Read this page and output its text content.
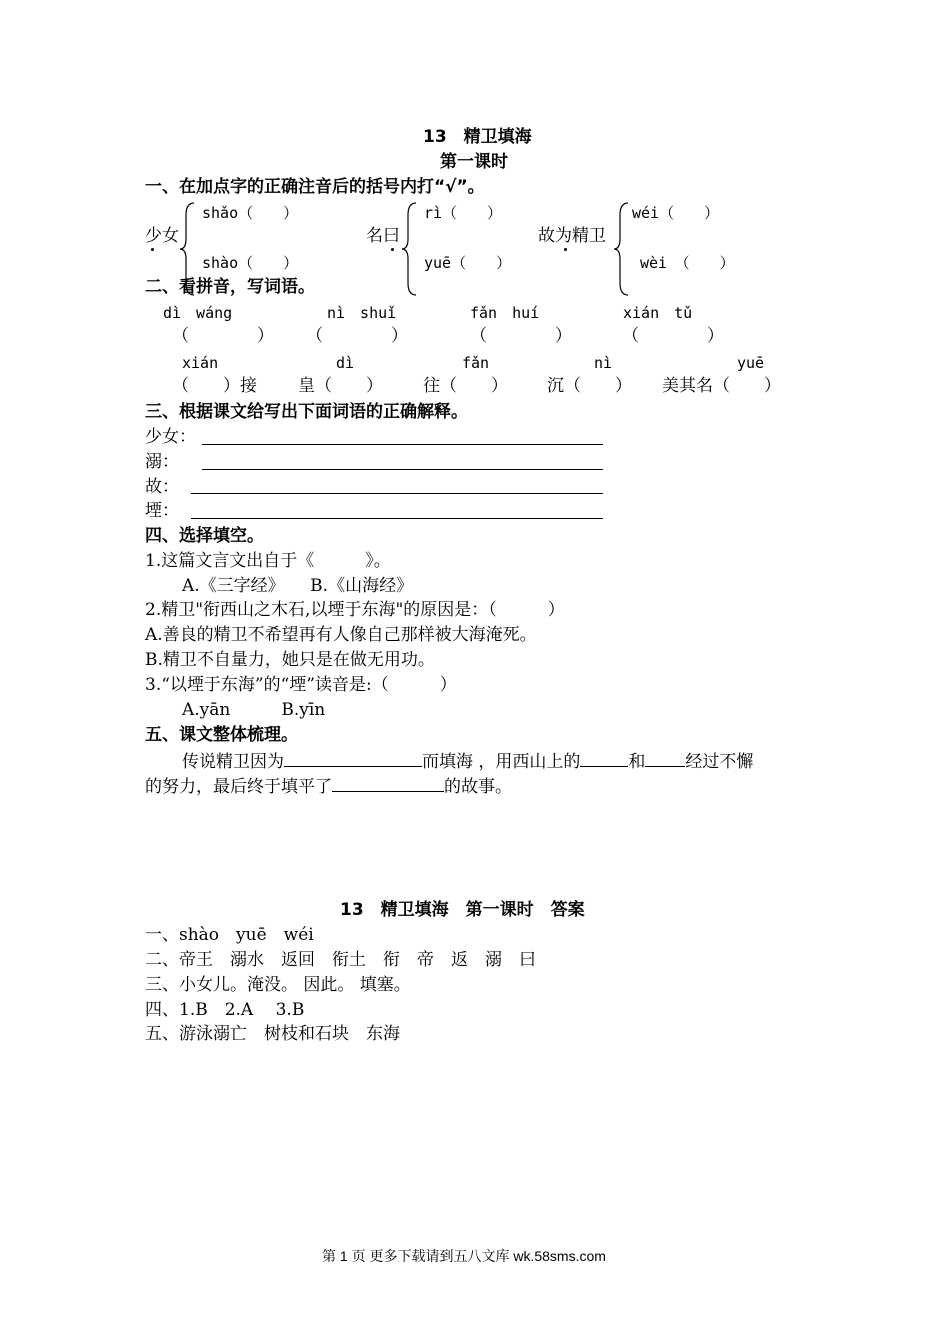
13　精卫填海
第一课时
一、在加点字的正确注音后的括号内打“√”。
shǎo（　　）
少女
shào（　　）
rì（　　）
名曰
yuē（　　）
wéi（　　）
故为精卫
wèi　（　　）
二、看拼音，写词语。
dì　wáng	nì　shuǐ	fǎn　huí	xián　tǔ
（　　　　） （　　　　）	（　　　　）	（　　　　）
xián	dì	fǎn	nì	yuē
（　　）接 皇（　　） 往（　　） 沉（　　） 美其名（　　）
三、根据课文给写出下面词语的正确解释。
少女：
溺：
故：
堙：
四、选择填空。
1.这篇文言文出自于《　　　》。
A.《三字经》　　B.《山海经》
2.精卫"衔西山之木石,以堙于东海"的原因是：（　　　）
A.善良的精卫不希望再有人像自己那样被大海淹死。
B.精卫不自量力，她只是在做无用功。
3.“以堙于东海”的“堙”读音是:（　　　）
A.yān　　　B.yīn
五、课文整体梳理。
传说精卫因为	而填海 ，用西山上的	和 经过不懈
的努力，最后终于填平了	的故事。
13　精卫填海　第一课时　答案
一、shào　yuē　wéi
二、帝王　溺水　返回　衔土　衔　帝　返　溺　曰
三、小女儿。淹没。 因此。 填塞。
四、1.B　2.A　 3.B
五、游泳溺亡　树枝和石块　东海
第 1 页 更多下载请到五八文库 wk.58sms.com
